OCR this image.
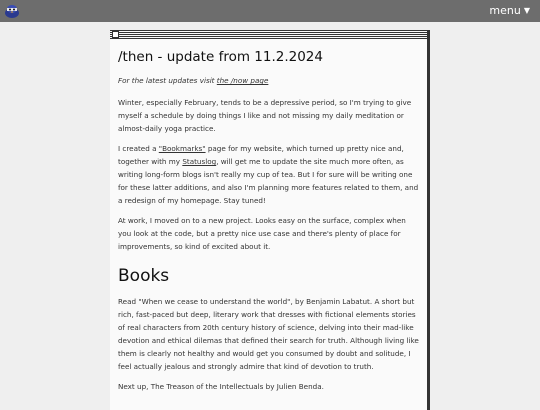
menu ▼
/then - update from 11.2.2024

For the latest updates visit the /now page

Winter, especially February, tends to be a depressive period, so I'm trying to give myself a schedule by doing things I like and not missing my daily meditation or almost-daily yoga practice.

I created a "Bookmarks" page for my website, which turned up pretty nice and, together with my Statuslog, will get me to update the site much more often, as writing long-form blogs isn't really my cup of tea. But I for sure will be writing one for these latter additions, and also I'm planning more features related to them, and a redesign of my homepage. Stay tuned!

At work, I moved on to a new project. Looks easy on the surface, complex when you look at the code, but a pretty nice use case and there's plenty of place for improvements, so kind of excited about it.

Books

Read "When we cease to understand the world", by Benjamin Labatut. A short but rich, fast-paced but deep, literary work that dresses with fictional elements stories of real characters from 20th century history of science, delving into their mad-like devotion and ethical dilemas that defined their search for truth. Although living like them is clearly not healthy and would get you consumed by doubt and solitude, I feel actually jealous and strongly admire that kind of devotion to truth.

Next up, The Treason of the Intellectuals by Julien Benda.
